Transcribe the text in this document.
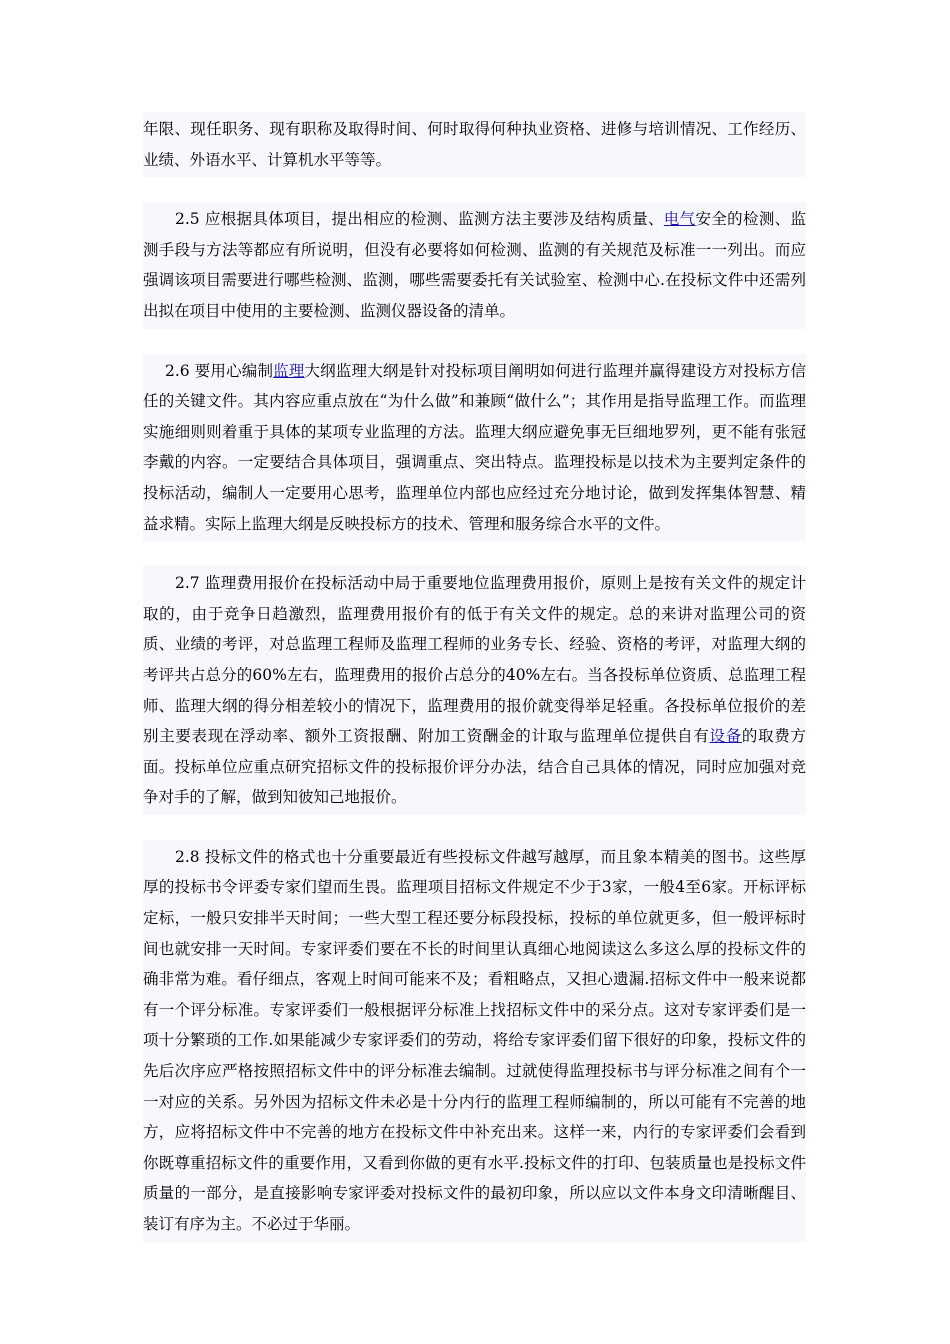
年限、现任职务、现有职称及取得时间、何时取得何种执业资格、进修与培训情况、工作经历、业绩、外语水平、计算机水平等等。

2.5 应根据具体项目，提出相应的检测、监测方法主要涉及结构质量、电气安全的检测、监测手段与方法等都应有所说明，但没有必要将如何检测、监测的有关规范及标准一一列出。而应强调该项目需要进行哪些检测、监测，哪些需要委托有关试验室、检测中心.在投标文件中还需列出拟在项目中使用的主要检测、监测仪器设备的清单。

2.6 要用心编制监理大纲监理大纲是针对投标项目阐明如何进行监理并赢得建设方对投标方信任的关键文件。其内容应重点放在“为什么做”和兼顾“做什么”；其作用是指导监理工作。而监理实施细则则着重于具体的某项专业监理的方法。监理大纲应避免事无巨细地罗列，更不能有张冠李戴的内容。一定要结合具体项目，强调重点、突出特点。监理投标是以技术为主要判定条件的投标活动，编制人一定要用心思考，监理单位内部也应经过充分地讨论，做到发挥集体智慧、精益求精。实际上监理大纲是反映投标方的技术、管理和服务综合水平的文件。

2.7 监理费用报价在投标活动中局于重要地位监理费用报价，原则上是按有关文件的规定计取的，由于竞争日趋激烈，监理费用报价有的低于有关文件的规定。总的来讲对监理公司的资质、业绩的考评，对总监理工程师及监理工程师的业务专长、经验、资格的考评，对监理大纲的考评共占总分的60%左右，监理费用的报价占总分的40%左右。当各投标单位资质、总监理工程师、监理大纲的得分相差较小的情况下，监理费用的报价就变得举足轻重。各投标单位报价的差别主要表现在浮动率、额外工资报酬、附加工资酬金的计取与监理单位提供自有设备的取费方面。投标单位应重点研究招标文件的投标报价评分办法，结合自己具体的情况，同时应加强对竞争对手的了解，做到知彼知己地报价。

2.8 投标文件的格式也十分重要最近有些投标文件越写越厚，而且象本精美的图书。这些厚厚的投标书令评委专家们望而生畏。监理项目招标文件规定不少于3家，一般4至6家。开标评标定标，一般只安排半天时间；一些大型工程还要分标段投标，投标的单位就更多，但一般评标时间也就安排一天时间。专家评委们要在不长的时间里认真细心地阅读这么多这么厚的投标文件的确非常为难。看仔细点，客观上时间可能来不及；看粗略点，又担心遗漏.招标文件中一般来说都有一个评分标准。专家评委们一般根据评分标准上找招标文件中的采分点。这对专家评委们是一项十分繁琐的工作.如果能减少专家评委们的劳动，将给专家评委们留下很好的印象，投标文件的先后次序应严格按照招标文件中的评分标准去编制。过就使得监理投标书与评分标准之间有个一一对应的关系。另外因为招标文件未必是十分内行的监理工程师编制的，所以可能有不完善的地方，应将招标文件中不完善的地方在投标文件中补充出来。这样一来，内行的专家评委们会看到你既尊重招标文件的重要作用，又看到你做的更有水平.投标文件的打印、包装质量也是投标文件质量的一部分，是直接影响专家评委对投标文件的最初印象，所以应以文件本身文印清晰醒目、装订有序为主。不必过于华丽。
